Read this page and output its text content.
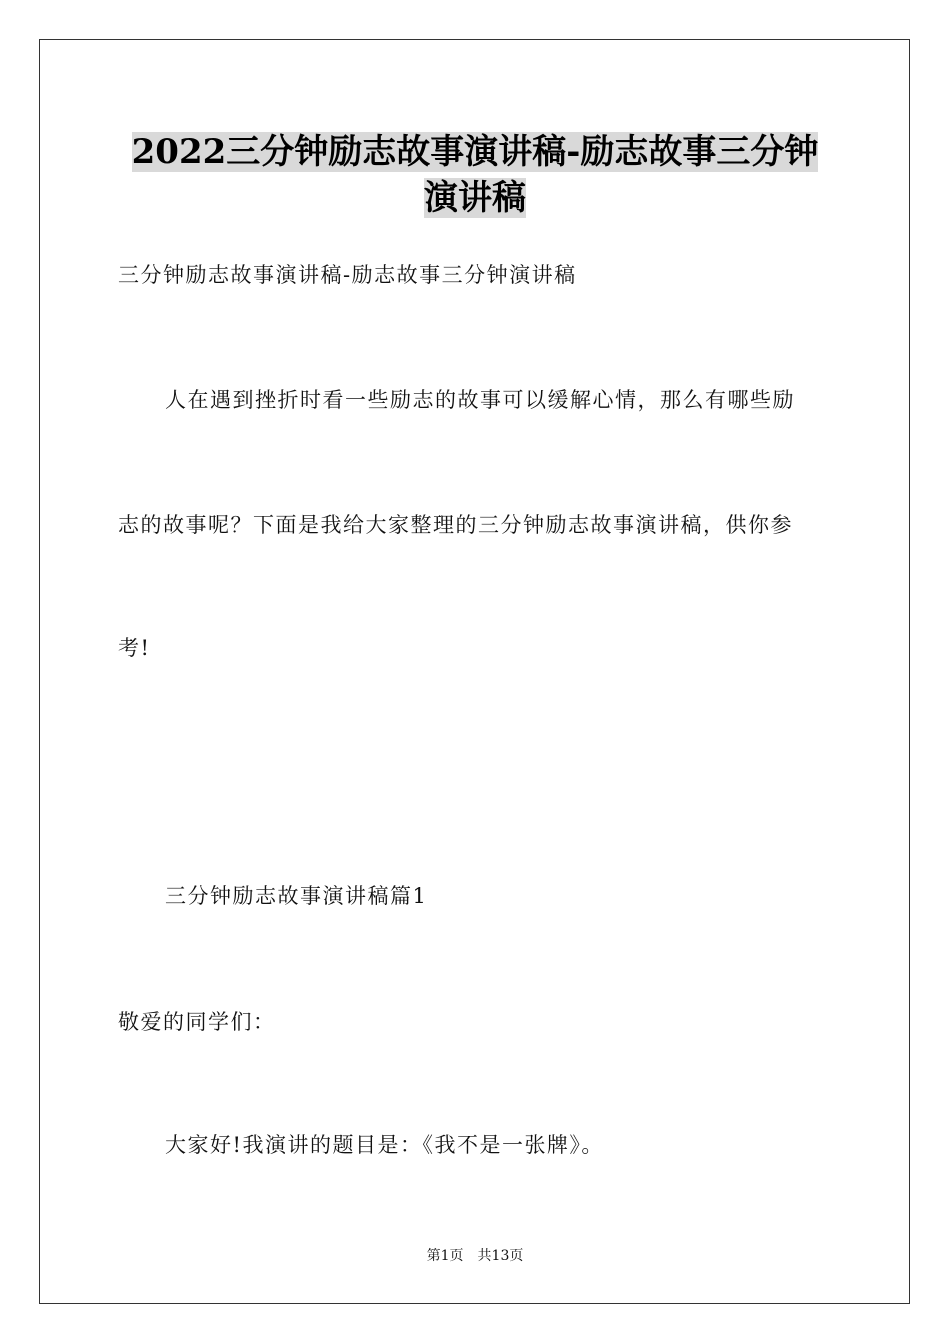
2022三分钟励志故事演讲稿-励志故事三分钟
演讲稿
三分钟励志故事演讲稿-励志故事三分钟演讲稿
人在遇到挫折时看一些励志的故事可以缓解心情，那么有哪些励
志的故事呢？下面是我给大家整理的三分钟励志故事演讲稿，供你参
考!
三分钟励志故事演讲稿篇1
敬爱的同学们：
大家好!我演讲的题目是：《我不是一张牌》。
第1页 共13页
